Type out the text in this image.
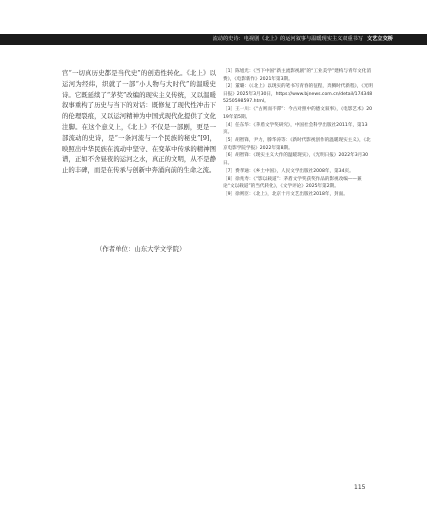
流动的史诗：电视剧《北上》的运河叙事与温暖现实主义双重书写 文艺立交桥

官“一切真历史都是当代史”的创造性转化。《北上》以运河为经纬，织就了一部“小人物与大时代”的温暖史诗。它既延续了“茅奖”改编的现实主义传统，又以温暖叙事重构了历史与当下的对话：既修复了现代性冲击下的伦理裂痕，又以运河精神为中国式现代化提供了文化注脚。在这个意义上，《北上》不仅是一部剧，更是一部流动的史诗，是“一条河流与一个民族的秘史”[9]，映照出中华民族在流动中坚守、在变革中传承的精神图谱，正如不舍昼夜的运河之水，真正的文明，从不是静止的丰碑，而是在传承与创新中奔涌向前的生命之流。

（作者单位：山东大学文学院）

［1］陈旭光：《当下中国“新主流影视剧”的“工业美学”建构与青年文化消费》，《电影新作》2021年第3期。

［2］董璐：《《北上》以现实的笔书写青春的征程，奔腾时代新程》，《光明日报》2025年3月30日，https://www.bjnews.com.cn/detail/1743485250598597.html。

［3］王一川：《“古则而不滞”：今古对照中的德文叙事》，《电影艺术》2019年第5期。

［4］任东华：《茅盾文学奖研究》，中国社会科学出版社2011年，第13页。

［5］胡智锋，尹力，滕华涛等：《新时代影视创作的温暖现实主义》，《北京电影学院学报》2022年第8期。

［6］胡智锋：《现实主义大作的温暖现实》，《光明日报》2022年3月30日。

［7］费孝通：《乡土中国》，人民文学出版社2008年，第34页。

［8］徐兆寿：《“影以载道”：茅盾文学奖获奖作品的影视改编——兼论“文以载道”的当代转化》，《文学评论》2025年第2期。

［9］徐则臣：《北上》，北京十月文艺出版社2018年，封面。

115
